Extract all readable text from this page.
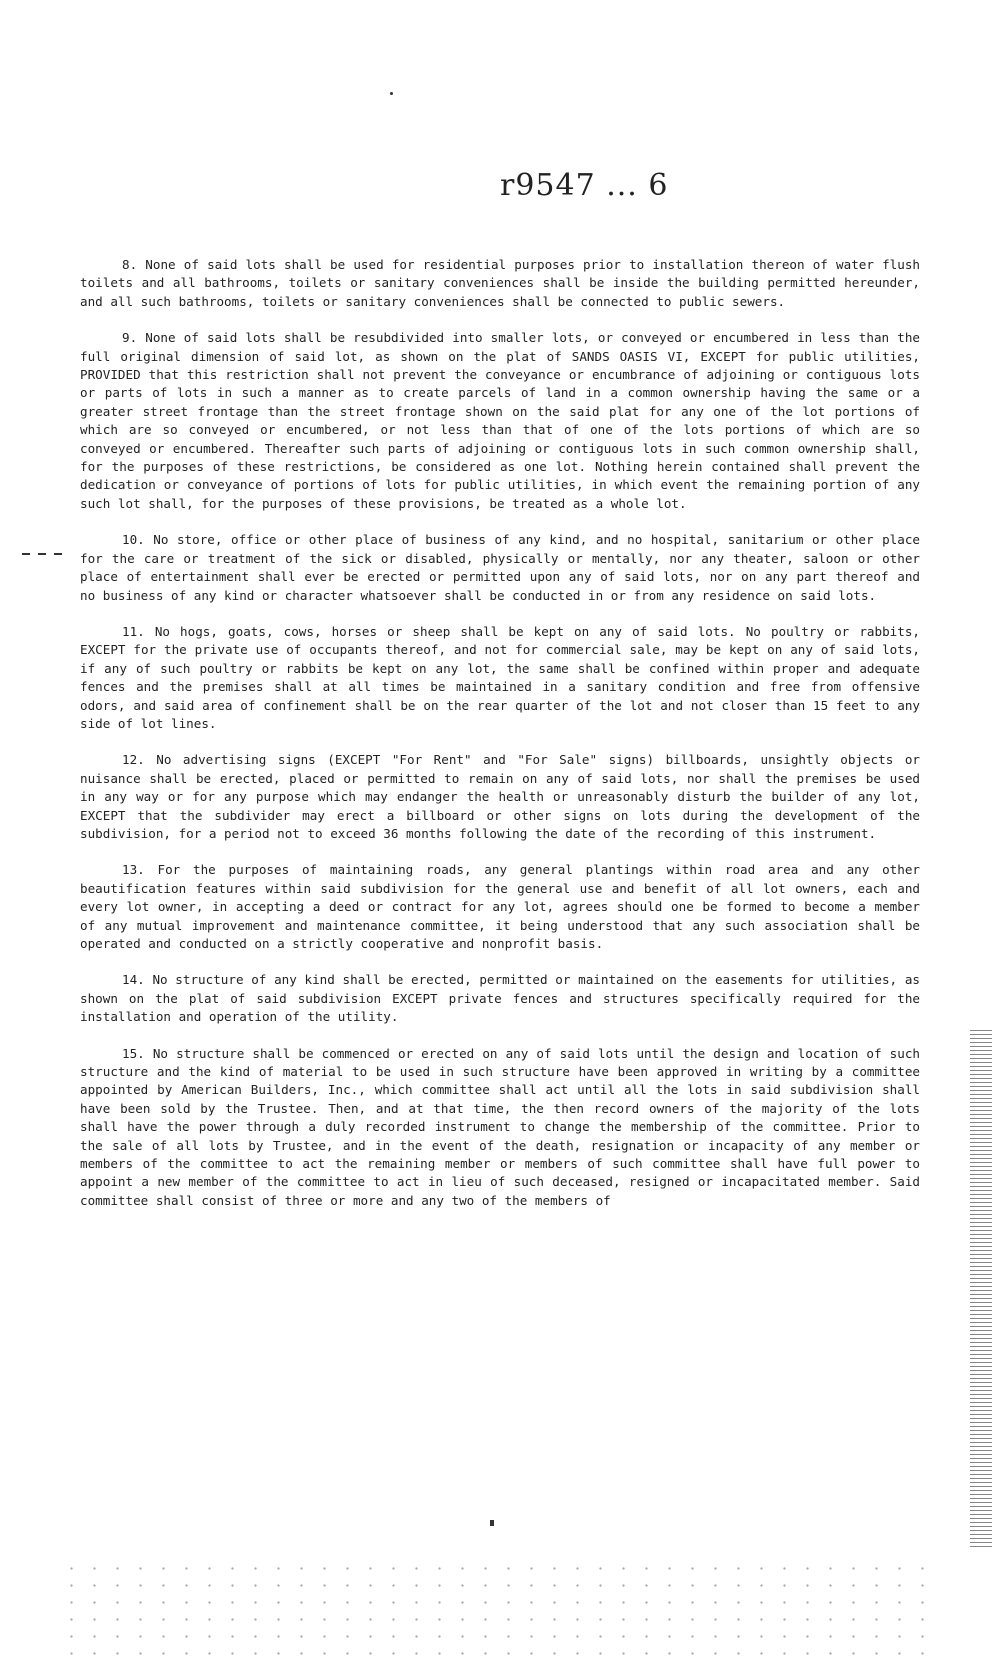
r9547 ... 6

8. None of said lots shall be used for residential purposes prior to installation thereon of water flush toilets and all bathrooms, toilets or sanitary conveniences shall be inside the building permitted hereunder, and all such bathrooms, toilets or sanitary conveniences shall be connected to public sewers.

9. None of said lots shall be resubdivided into smaller lots, or conveyed or encumbered in less than the full original dimension of said lot, as shown on the plat of SANDS OASIS VI, EXCEPT for public utilities, PROVIDED that this restriction shall not prevent the conveyance or encumbrance of adjoining or contiguous lots or parts of lots in such a manner as to create parcels of land in a common ownership having the same or a greater street frontage than the street frontage shown on the said plat for any one of the lot portions of which are so conveyed or encumbered, or not less than that of one of the lots portions of which are so conveyed or encumbered. Thereafter such parts of adjoining or contiguous lots in such common ownership shall, for the purposes of these restrictions, be considered as one lot. Nothing herein contained shall prevent the dedication or conveyance of portions of lots for public utilities, in which event the remaining portion of any such lot shall, for the purposes of these provisions, be treated as a whole lot.

10. No store, office or other place of business of any kind, and no hospital, sanitarium or other place for the care or treatment of the sick or disabled, physically or mentally, nor any theater, saloon or other place of entertainment shall ever be erected or permitted upon any of said lots, nor on any part thereof and no business of any kind or character whatsoever shall be conducted in or from any residence on said lots.

11. No hogs, goats, cows, horses or sheep shall be kept on any of said lots. No poultry or rabbits, EXCEPT for the private use of occupants thereof, and not for commercial sale, may be kept on any of said lots, if any of such poultry or rabbits be kept on any lot, the same shall be confined within proper and adequate fences and the premises shall at all times be maintained in a sanitary condition and free from offensive odors, and said area of confinement shall be on the rear quarter of the lot and not closer than 15 feet to any side of lot lines.

12. No advertising signs (EXCEPT "For Rent" and "For Sale" signs) billboards, unsightly objects or nuisance shall be erected, placed or permitted to remain on any of said lots, nor shall the premises be used in any way or for any purpose which may endanger the health or unreasonably disturb the builder of any lot, EXCEPT that the subdivider may erect a billboard or other signs on lots during the development of the subdivision, for a period not to exceed 36 months following the date of the recording of this instrument.

13. For the purposes of maintaining roads, any general plantings within road area and any other beautification features within said subdivision for the general use and benefit of all lot owners, each and every lot owner, in accepting a deed or contract for any lot, agrees should one be formed to become a member of any mutual improvement and maintenance committee, it being understood that any such association shall be operated and conducted on a strictly cooperative and nonprofit basis.

14. No structure of any kind shall be erected, permitted or maintained on the easements for utilities, as shown on the plat of said subdivision EXCEPT private fences and structures specifically required for the installation and operation of the utility.

15. No structure shall be commenced or erected on any of said lots until the design and location of such structure and the kind of material to be used in such structure have been approved in writing by a committee appointed by American Builders, Inc., which committee shall act until all the lots in said subdivision shall have been sold by the Trustee. Then, and at that time, the then record owners of the majority of the lots shall have the power through a duly recorded instrument to change the membership of the committee. Prior to the sale of all lots by Trustee, and in the event of the death, resignation or incapacity of any member or members of the committee to act the remaining member or members of such committee shall have full power to appoint a new member of the committee to act in lieu of such deceased, resigned or incapacitated member. Said committee shall consist of three or more and any two of the members of
